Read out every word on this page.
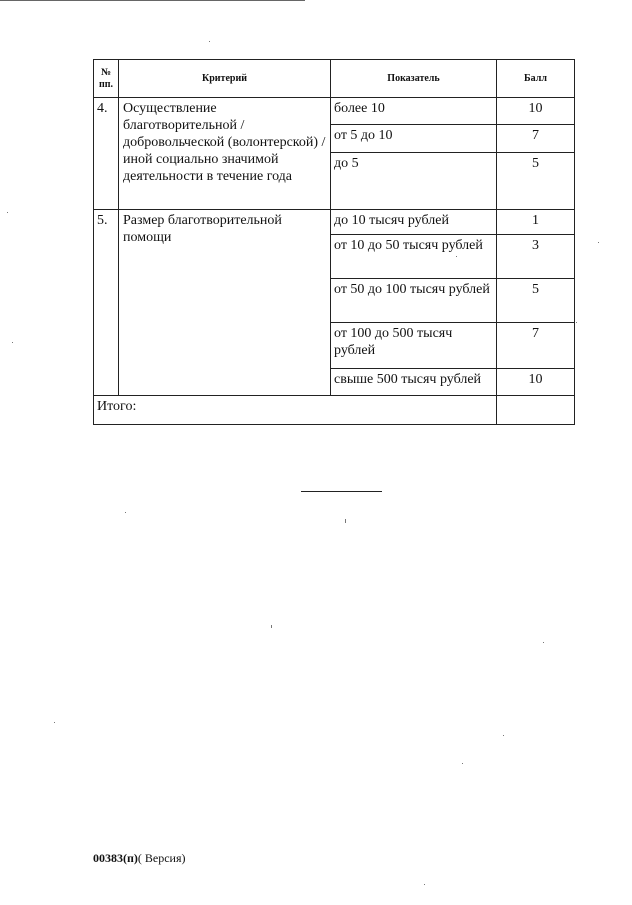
№ пп.	Критерий	Показатель	Балл
4.	Осуществление благотворительной / добровольческой (волонтерской) / иной социально значимой деятельности в течение года	более 10	10
		от 5 до 10	7
		до 5	5
5.	Размер благотворительной помощи	до 10 тысяч рублей	1
		от 10 до 50 тысяч рублей	3
		от 50 до 100 тысяч рублей	5
		от 100 до 500 тысяч рублей	7
		свыше 500 тысяч рублей	10
Итого:			
00383(п)( Версия)
